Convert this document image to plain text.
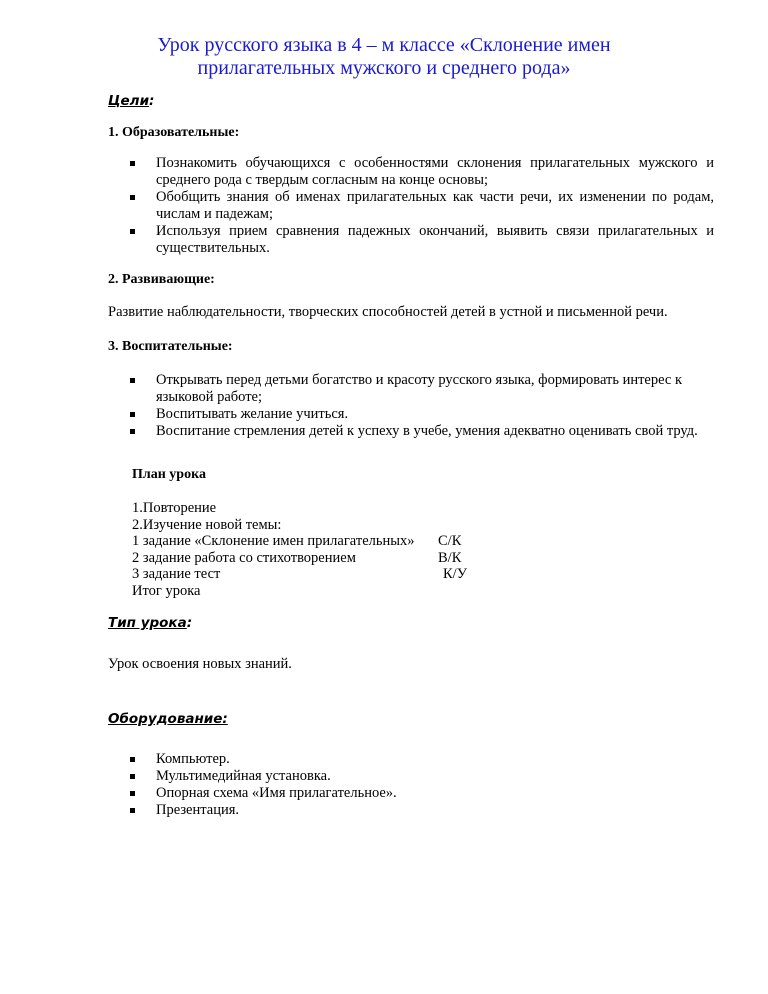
Урок русского языка в 4 – м классе «Склонение имен
прилагательных мужского и среднего рода»
Цели:
1. Образовательные:
Познакомить обучающихся с особенностями склонения прилагательных мужского и среднего рода с твердым согласным на конце основы;
Обобщить знания об именах прилагательных как части речи, их изменении по родам, числам и падежам;
Используя прием сравнения падежных окончаний, выявить связи прилагательных и существительных.
2. Развивающие:
Развитие наблюдательности, творческих способностей детей в устной и письменной речи.
3. Воспитательные:
Открывать перед детьми богатство и красоту русского языка, формировать интерес к языковой работе;
Воспитывать желание учиться.
Воспитание стремления детей к успеху в учебе, умения адекватно оценивать свой труд.
План урока
1.Повторение
2.Изучение новой темы:
1 задание «Склонение имен прилагательных» С/К
2 задание работа со стихотворением	В/К
3 задание тест	К/У
Итог урока
Тип урока:
Урок освоения новых знаний.
Оборудование:
Компьютер.
Мультимедийная установка.
Опорная схема «Имя прилагательное».
Презентация.
